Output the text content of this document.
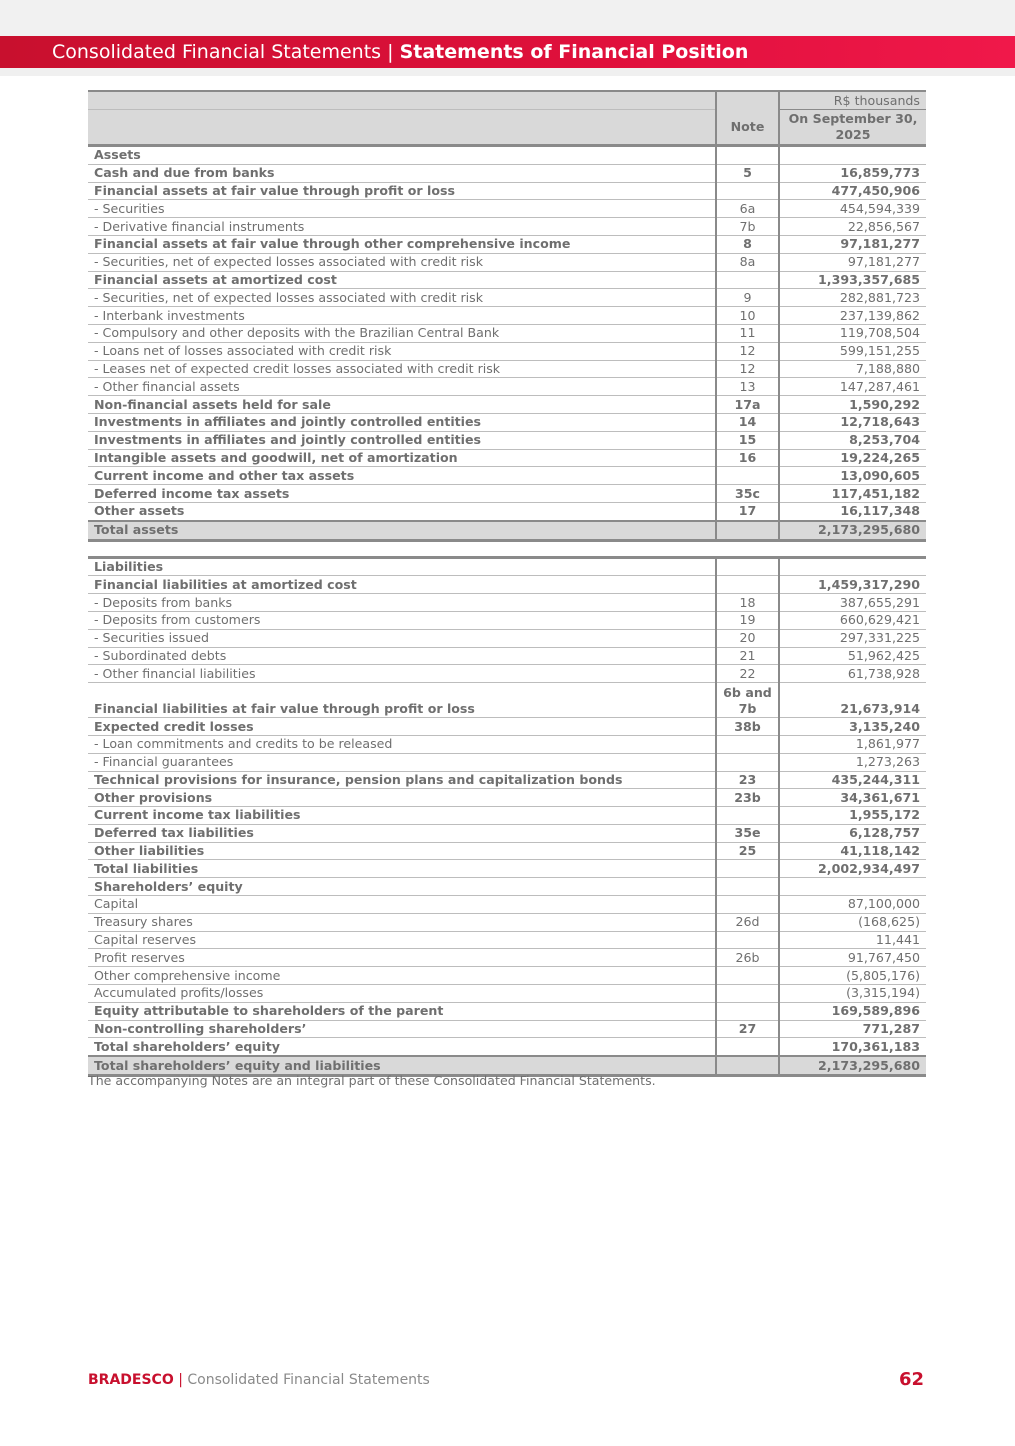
Consolidated Financial Statements | Statements of Financial Position
		R$ thousands
	Note	On September 30, 2025
Assets		
Cash and due from banks	5	16,859,773
Financial assets at fair value through profit or loss		477,450,906
- Securities	6a	454,594,339
- Derivative financial instruments	7b	22,856,567
Financial assets at fair value through other comprehensive income	8	97,181,277
- Securities, net of expected losses associated with credit risk	8a	97,181,277
Financial assets at amortized cost		1,393,357,685
- Securities, net of expected losses associated with credit risk	9	282,881,723
- Interbank investments	10	237,139,862
- Compulsory and other deposits with the Brazilian Central Bank	11	119,708,504
- Loans net of losses associated with credit risk	12	599,151,255
- Leases net of expected credit losses associated with credit risk	12	7,188,880
- Other financial assets	13	147,287,461
Non-financial assets held for sale	17a	1,590,292
Investments in affiliates and jointly controlled entities	14	12,718,643
Investments in affiliates and jointly controlled entities	15	8,253,704
Intangible assets and goodwill, net of amortization	16	19,224,265
Current income and other tax assets		13,090,605
Deferred income tax assets	35c	117,451,182
Other assets	17	16,117,348
Total assets		2,173,295,680

Liabilities		
Financial liabilities at amortized cost		1,459,317,290
- Deposits from banks	18	387,655,291
- Deposits from customers	19	660,629,421
- Securities issued	20	297,331,225
- Subordinated debts	21	51,962,425
- Other financial liabilities	22	61,738,928
Financial liabilities at fair value through profit or loss	6b and 7b	21,673,914
Expected credit losses	38b	3,135,240
- Loan commitments and credits to be released		1,861,977
- Financial guarantees		1,273,263
Technical provisions for insurance, pension plans and capitalization bonds	23	435,244,311
Other provisions	23b	34,361,671
Current income tax liabilities		1,955,172
Deferred tax liabilities	35e	6,128,757
Other liabilities	25	41,118,142
Total liabilities		2,002,934,497
Shareholders’ equity		
Capital		87,100,000
Treasury shares	26d	(168,625)
Capital reserves		11,441
Profit reserves	26b	91,767,450
Other comprehensive income		(5,805,176)
Accumulated profits/losses		(3,315,194)
Equity attributable to shareholders of the parent		169,589,896
Non-controlling shareholders’	27	771,287
Total shareholders’ equity		170,361,183
Total shareholders’ equity and liabilities		2,173,295,680
The accompanying Notes are an integral part of these Consolidated Financial Statements.
BRADESCO | Consolidated Financial Statements	62
